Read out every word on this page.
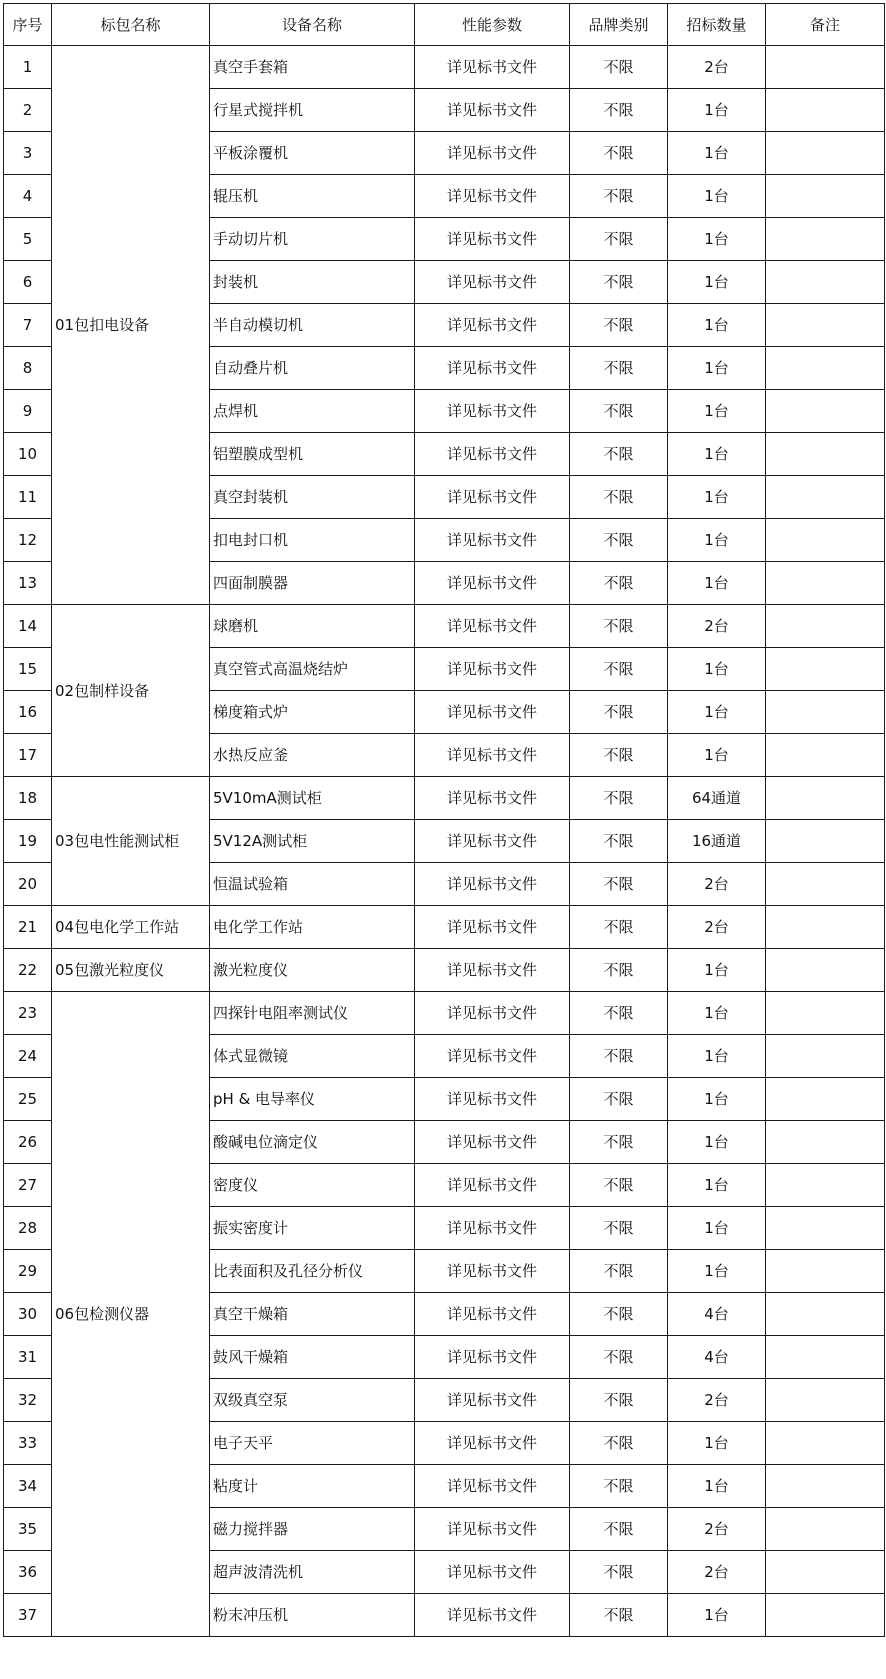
序号	标包名称	设备名称	性能参数	品牌类别	招标数量	备注
1	01包扣电设备	真空手套箱	详见标书文件	不限	2台	
2		行星式搅拌机	详见标书文件	不限	1台	
3		平板涂覆机	详见标书文件	不限	1台	
4		辊压机	详见标书文件	不限	1台	
5		手动切片机	详见标书文件	不限	1台	
6		封装机	详见标书文件	不限	1台	
7		半自动模切机	详见标书文件	不限	1台	
8		自动叠片机	详见标书文件	不限	1台	
9		点焊机	详见标书文件	不限	1台	
10		铝塑膜成型机	详见标书文件	不限	1台	
11		真空封装机	详见标书文件	不限	1台	
12		扣电封口机	详见标书文件	不限	1台	
13		四面制膜器	详见标书文件	不限	1台	
14	02包制样设备	球磨机	详见标书文件	不限	2台	
15		真空管式高温烧结炉	详见标书文件	不限	1台	
16		梯度箱式炉	详见标书文件	不限	1台	
17		水热反应釜	详见标书文件	不限	1台	
18	03包电性能测试柜	5V10mA测试柜	详见标书文件	不限	64通道	
19		5V12A测试柜	详见标书文件	不限	16通道	
20		恒温试验箱	详见标书文件	不限	2台	
21	04包电化学工作站	电化学工作站	详见标书文件	不限	2台	
22	05包激光粒度仪	激光粒度仪	详见标书文件	不限	1台	
23	06包检测仪器	四探针电阻率测试仪	详见标书文件	不限	1台	
24		体式显微镜	详见标书文件	不限	1台	
25		pH & 电导率仪	详见标书文件	不限	1台	
26		酸碱电位滴定仪	详见标书文件	不限	1台	
27		密度仪	详见标书文件	不限	1台	
28		振实密度计	详见标书文件	不限	1台	
29		比表面积及孔径分析仪	详见标书文件	不限	1台	
30		真空干燥箱	详见标书文件	不限	4台	
31		鼓风干燥箱	详见标书文件	不限	4台	
32		双级真空泵	详见标书文件	不限	2台	
33		电子天平	详见标书文件	不限	1台	
34		粘度计	详见标书文件	不限	1台	
35		磁力搅拌器	详见标书文件	不限	2台	
36		超声波清洗机	详见标书文件	不限	2台	
37		粉末冲压机	详见标书文件	不限	1台	
